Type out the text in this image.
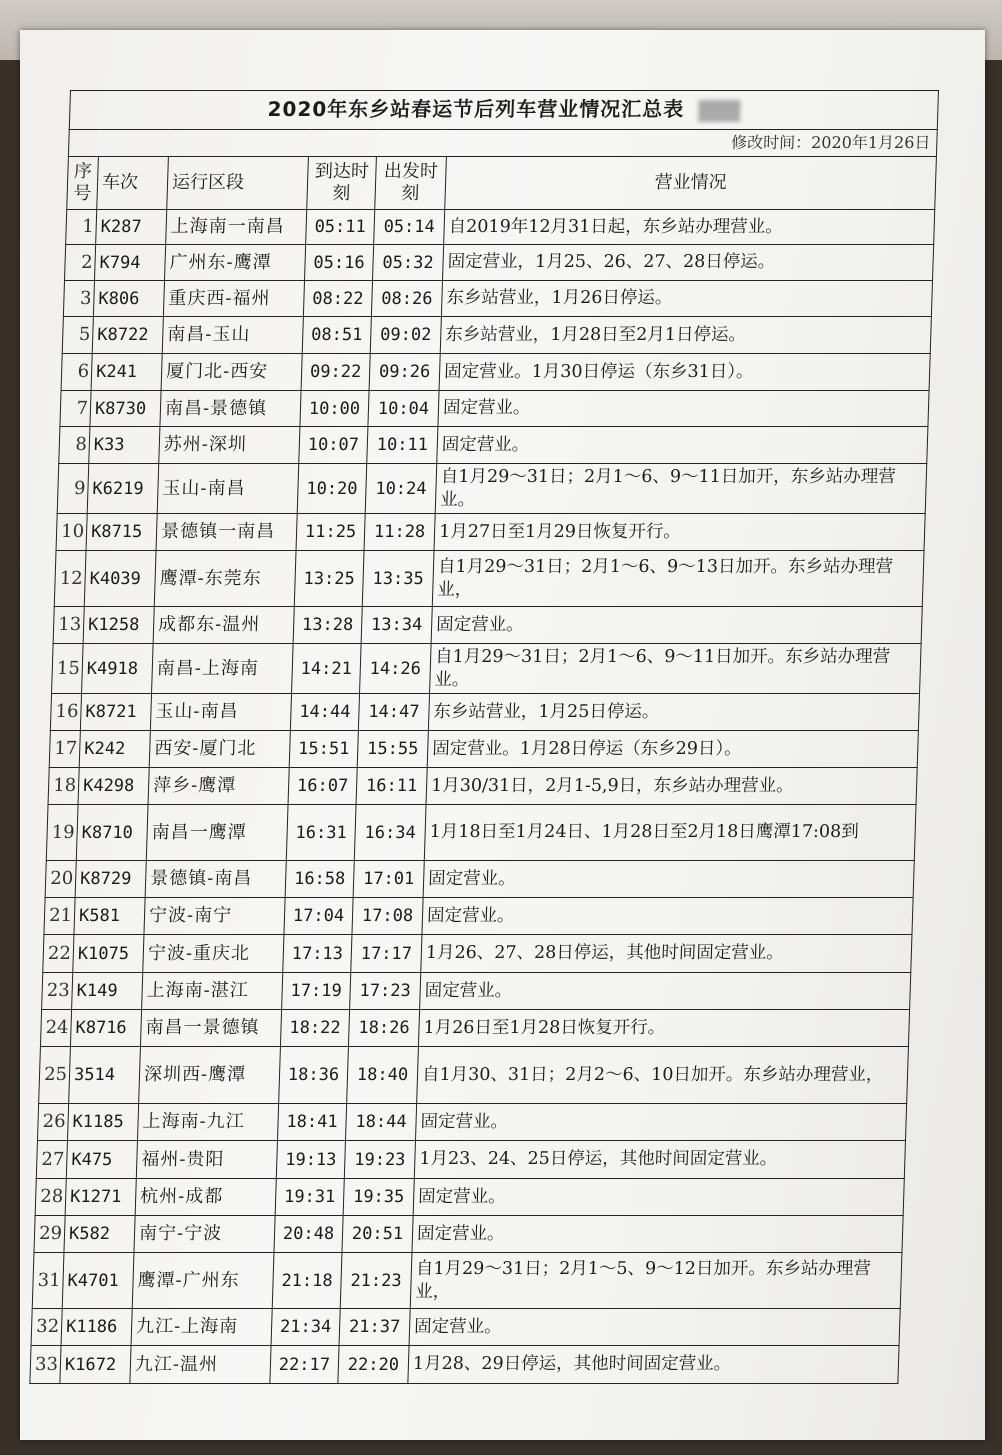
2020年东乡站春运节后列车营业情况汇总表					
修改时间：2020年1月26日					
序号	车次	运行区段	到达时刻	出发时刻	营业情况
1	K287	上海南一南昌	05:11	05:14	自2019年12月31日起，东乡站办理营业。
2	K794	广州东-鹰潭	05:16	05:32	固定营业，1月25、26、27、28日停运。
3	K806	重庆西-福州	08:22	08:26	东乡站营业，1月26日停运。
5	K8722	南昌-玉山	08:51	09:02	东乡站营业，1月28日至2月1日停运。
6	K241	厦门北-西安	09:22	09:26	固定营业。1月30日停运（东乡31日）。
7	K8730	南昌-景德镇	10:00	10:04	固定营业。
8	K33	苏州-深圳	10:07	10:11	固定营业。
9	K6219	玉山-南昌	10:20	10:24	自1月29～31日；2月1～6、9～11日加开，东乡站办理营业。
10	K8715	景德镇一南昌	11:25	11:28	1月27日至1月29日恢复开行。
12	K4039	鹰潭-东莞东	13:25	13:35	自1月29～31日；2月1～6、9～13日加开。东乡站办理营业，
13	K1258	成都东-温州	13:28	13:34	固定营业。
15	K4918	南昌-上海南	14:21	14:26	自1月29～31日；2月1～6、9～11日加开。东乡站办理营业。
16	K8721	玉山-南昌	14:44	14:47	东乡站营业，1月25日停运。
17	K242	西安-厦门北	15:51	15:55	固定营业。1月28日停运（东乡29日）。
18	K4298	萍乡-鹰潭	16:07	16:11	1月30/31日，2月1-5,9日，东乡站办理营业。
19	K8710	南昌一鹰潭	16:31	16:34	1月18日至1月24日、1月28日至2月18日鹰潭17:08到
20	K8729	景德镇-南昌	16:58	17:01	固定营业。
21	K581	宁波-南宁	17:04	17:08	固定营业。
22	K1075	宁波-重庆北	17:13	17:17	1月26、27、28日停运，其他时间固定营业。
23	K149	上海南-湛江	17:19	17:23	固定营业。
24	K8716	南昌一景德镇	18:22	18:26	1月26日至1月28日恢复开行。
25	3514	深圳西-鹰潭	18:36	18:40	自1月30、31日；2月2～6、10日加开。东乡站办理营业，
26	K1185	上海南-九江	18:41	18:44	固定营业。
27	K475	福州-贵阳	19:13	19:23	1月23、24、25日停运，其他时间固定营业。
28	K1271	杭州-成都	19:31	19:35	固定营业。
29	K582	南宁-宁波	20:48	20:51	固定营业。
31	K4701	鹰潭-广州东	21:18	21:23	自1月29～31日；2月1～5、9～12日加开。东乡站办理营业，
32	K1186	九江-上海南	21:34	21:37	固定营业。
33	K1672	九江-温州	22:17	22:20	1月28、29日停运，其他时间固定营业。
